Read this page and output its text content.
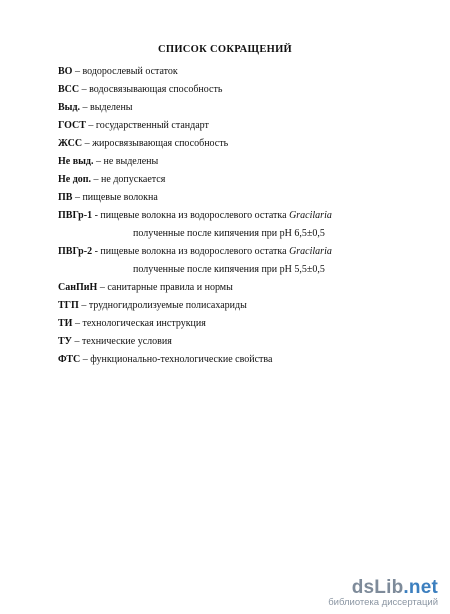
СПИСОК СОКРАЩЕНИЙ
ВО – водорослевый остаток
ВСС – водосвязывающая способность
Выд. – выделены
ГОСТ – государственный стандарт
ЖСС – жиросвязывающая способность
Не выд. – не выделены
Не доп. – не допускается
ПВ – пищевые волокна
ПВГр-1 - пищевые волокна из водорослевого остатка Gracilaria
полученные после кипячения при рН 6,5±0,5
ПВГр-2 - пищевые волокна из водорослевого остатка Gracilaria
полученные после кипячения при рН 5,5±0,5
СанПиН – санитарные правила и нормы
ТГП – трудногидролизуемые полисахариды
ТИ – технологическая инструкция
ТУ – технические условия
ФТС – функционально-технологические свойства
dsLib.net
библиотека диссертаций
